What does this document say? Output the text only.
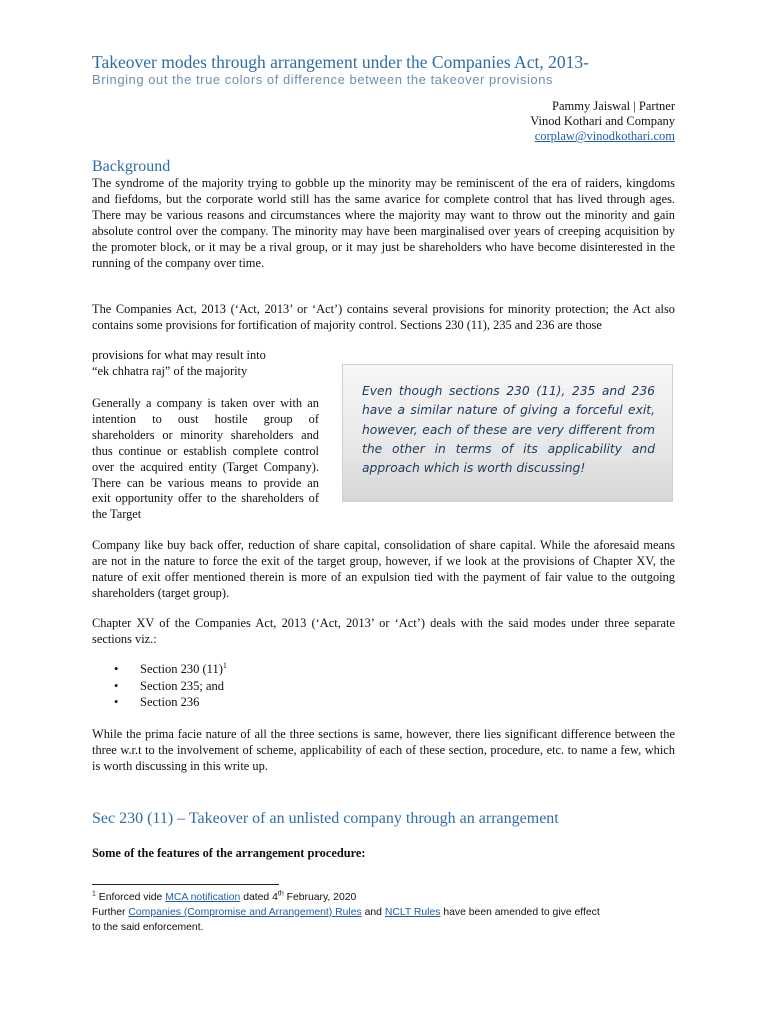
Takeover modes through arrangement under the Companies Act, 2013-
Bringing out the true colors of difference between the takeover provisions
Pammy Jaiswal | Partner
Vinod Kothari and Company
corplaw@vinodkothari.com
Background

The syndrome of the majority trying to gobble up the minority may be reminiscent of the era of raiders, kingdoms and fiefdoms, but the corporate world still has the same avarice for complete control that has lived through ages. There may be various reasons and circumstances where the majority may want to throw out the minority and gain absolute control over the company. The minority may have been marginalised over years of creeping acquisition by the promoter block, or it may be a rival group, or it may just be shareholders who have become disinterested in the running of the company over time.

The Companies Act, 2013 (‘Act, 2013’ or ‘Act’) contains several provisions for minority protection; the Act also contains some provisions for fortification of majority control. Sections 230 (11), 235 and 236 are those

provisions for what may result into

“ek chhatra raj” of the majority

Even though sections 230 (11), 235 and 236 have a similar nature of giving a forceful exit, however, each of these are very different from the other in terms of its applicability and approach which is worth discussing!

Generally a company is taken over with an intention to oust hostile group of shareholders or minority shareholders and thus continue or establish complete control over the acquired entity (Target Company). There can be various means to provide an exit opportunity offer to the shareholders of the Target

Company like buy back offer, reduction of share capital, consolidation of share capital. While the aforesaid means are not in the nature to force the exit of the target group, however, if we look at the provisions of Chapter XV, the nature of exit offer mentioned therein is more of an expulsion tied with the payment of fair value to the outgoing shareholders (target group).

Chapter XV of the Companies Act, 2013 (‘Act, 2013’ or ‘Act’) deals with the said modes under three separate sections viz.:

• Section 230 (11)$^1$
• Section 235; and
• Section 236

While the prima facie nature of all the three sections is same, however, there lies significant difference between the three w.r.t to the involvement of scheme, applicability of each of these section, procedure, etc. to name a few, which is worth discussing in this write up.

Sec 230 (11) – Takeover of an unlisted company through an arrangement

Some of the features of the arrangement procedure:

$^1$ Enforced vide MCA notification dated 4th February, 2020
Further Companies (Compromise and Arrangement) Rules and NCLT Rules have been amended to give effect
to the said enforcement.
